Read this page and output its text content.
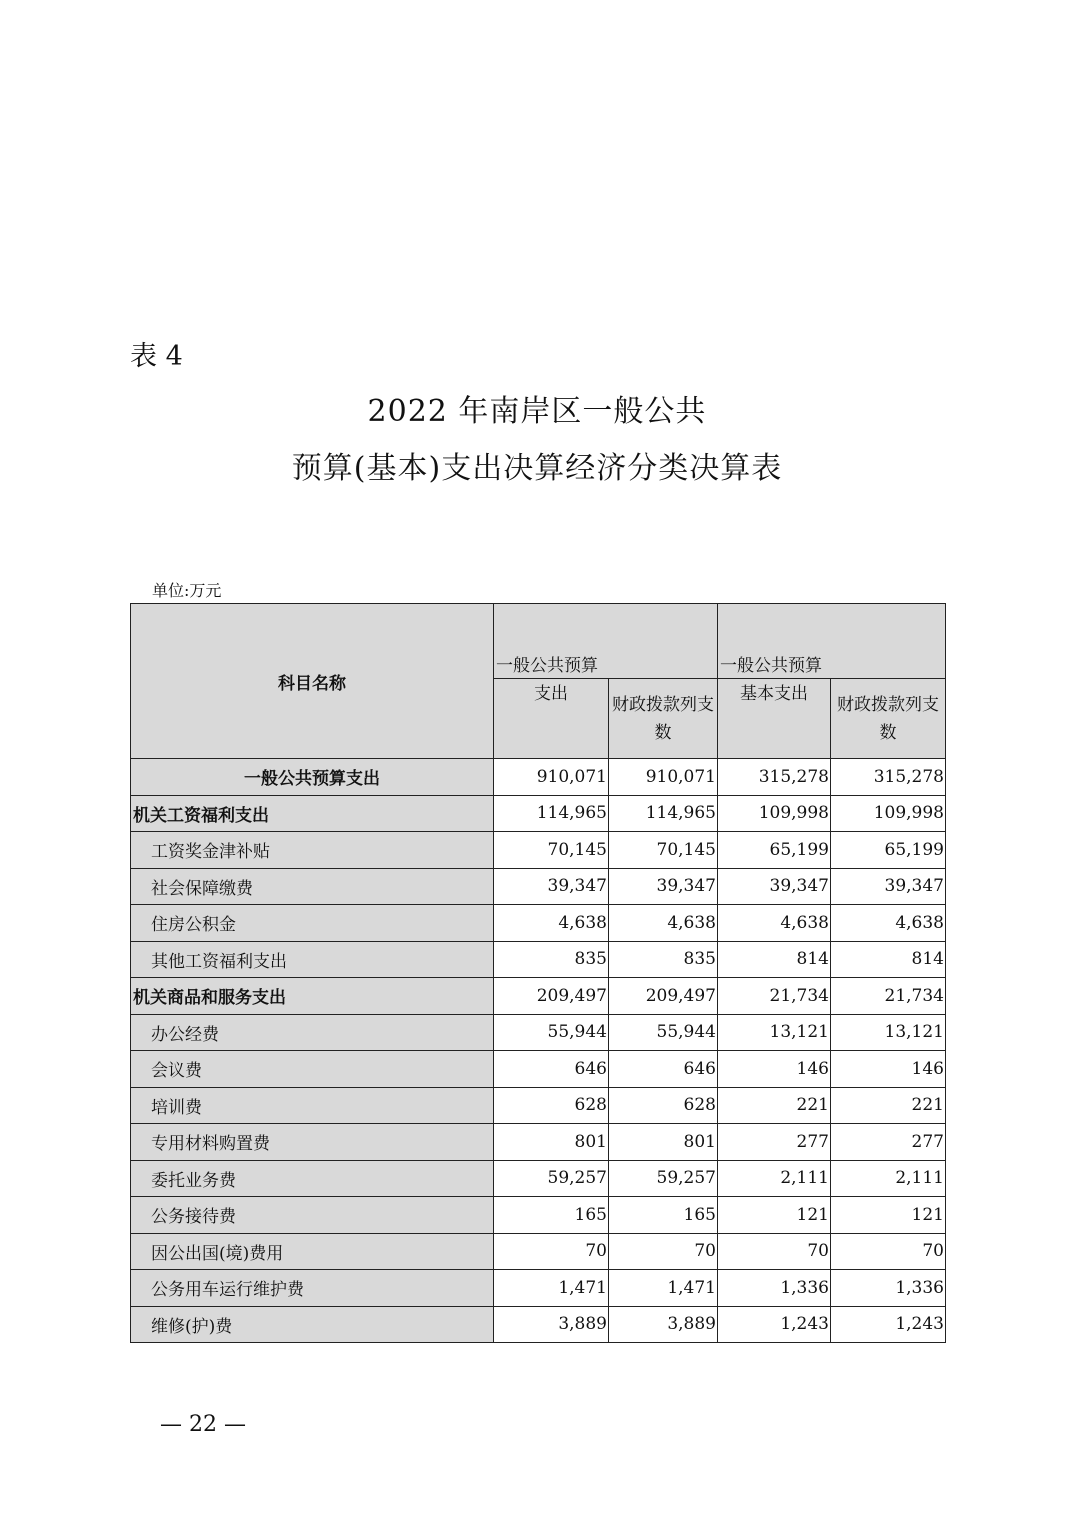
表 4
2022 年南岸区一般公共
预算(基本)支出决算经济分类决算表
单位:万元
科目名称	一般公共预算		一般公共预算	

	支出	财政拨款列支数	基本支出	财政拨款列支数
一般公共预算支出	910,071	910,071	315,278	315,278
机关工资福利支出	114,965	114,965	109,998	109,998
工资奖金津补贴	70,145	70,145	65,199	65,199
社会保障缴费	39,347	39,347	39,347	39,347
住房公积金	4,638	4,638	4,638	4,638
其他工资福利支出	835	835	814	814
机关商品和服务支出	209,497	209,497	21,734	21,734
办公经费	55,944	55,944	13,121	13,121
会议费	646	646	146	146
培训费	628	628	221	221
专用材料购置费	801	801	277	277
委托业务费	59,257	59,257	2,111	2,111
公务接待费	165	165	121	121
因公出国(境)费用	70	70	70	70
公务用车运行维护费	1,471	1,471	1,336	1,336
维修(护)费	3,889	3,889	1,243	1,243
— 22 —
